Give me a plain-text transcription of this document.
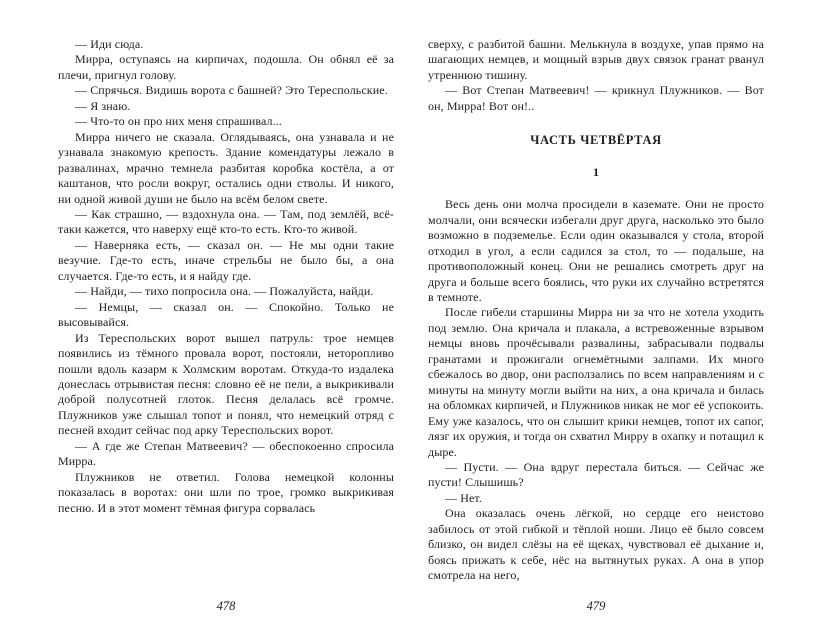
— Иди сюда.

Мирра, оступаясь на кирпичах, подошла. Он обнял её за плечи, пригнул голову.

— Спрячься. Видишь ворота с башней? Это Тереспольские.

— Я знаю.

— Что-то он про них меня спрашивал...

Мирра ничего не сказала. Оглядываясь, она узнавала и не узнавала знакомую крепость. Здание комендатуры лежало в развалинах, мрачно темнела разбитая коробка костёла, а от каштанов, что росли вокруг, остались одни стволы. И никого, ни одной живой души не было на всём белом свете.

— Как страшно, — вздохнула она. — Там, под землёй, всё-таки кажется, что наверху ещё кто-то есть. Кто-то живой.

— Наверняка есть, — сказал он. — Не мы одни такие везучие. Где-то есть, иначе стрельбы не было бы, а она случается. Где-то есть, и я найду где.

— Найди, — тихо попросила она. — Пожалуйста, найди.

— Немцы, — сказал он. — Спокойно. Только не высовывайся.

Из Тереспольских ворот вышел патруль: трое немцев появились из тёмного провала ворот, постояли, неторопливо пошли вдоль казарм к Холмским воротам. Откуда-то издалека донеслась отрывистая песня: словно её не пели, а выкрикивали доброй полусотней глоток. Песня делалась всё громче. Плужников уже слышал топот и понял, что немецкий отряд с песней входит сейчас под арку Тереспольских ворот.

— А где же Степан Матвеевич? — обеспокоенно спросила Мирра.

Плужников не ответил. Голова немецкой колонны показалась в воротах: они шли по трое, громко выкрикивая песню. И в этот момент тёмная фигура сорвалась

478

сверху, с разбитой башни. Мелькнула в воздухе, упав прямо на шагающих немцев, и мощный взрыв двух связок гранат рванул утреннюю тишину.

— Вот Степан Матвеевич! — крикнул Плужников. — Вот он, Мирра! Вот он!..

ЧАСТЬ ЧЕТВЁРТАЯ
1

Весь день они молча просидели в каземате. Они не просто молчали, они всячески избегали друг друга, насколько это было возможно в подземелье. Если один оказывался у стола, второй отходил в угол, а если садился за стол, то — подальше, на противоположный конец. Они не решались смотреть друг на друга и больше всего боялись, что руки их случайно встретятся в темноте.

После гибели старшины Мирра ни за что не хотела уходить под землю. Она кричала и плакала, а встревоженные взрывом немцы вновь прочёсывали развалины, забрасывали подвалы гранатами и прожигали огнемётными залпами. Их много сбежалось во двор, они расползались по всем направлениям и с минуты на минуту могли выйти на них, а она кричала и билась на обломках кирпичей, и Плужников никак не мог её успокоить. Ему уже казалось, что он слышит крики немцев, топот их сапог, лязг их оружия, и тогда он схватил Мирру в охапку и потащил к дыре.

— Пусти. — Она вдруг перестала биться. — Сейчас же пусти! Слышишь?

— Нет.

Она оказалась очень лёгкой, но сердце его неистово забилось от этой гибкой и тёплой ноши. Лицо её было совсем близко, он видел слёзы на её щеках, чувствовал её дыхание и, боясь прижать к себе, нёс на вытянутых руках. А она в упор смотрела на него,

479
